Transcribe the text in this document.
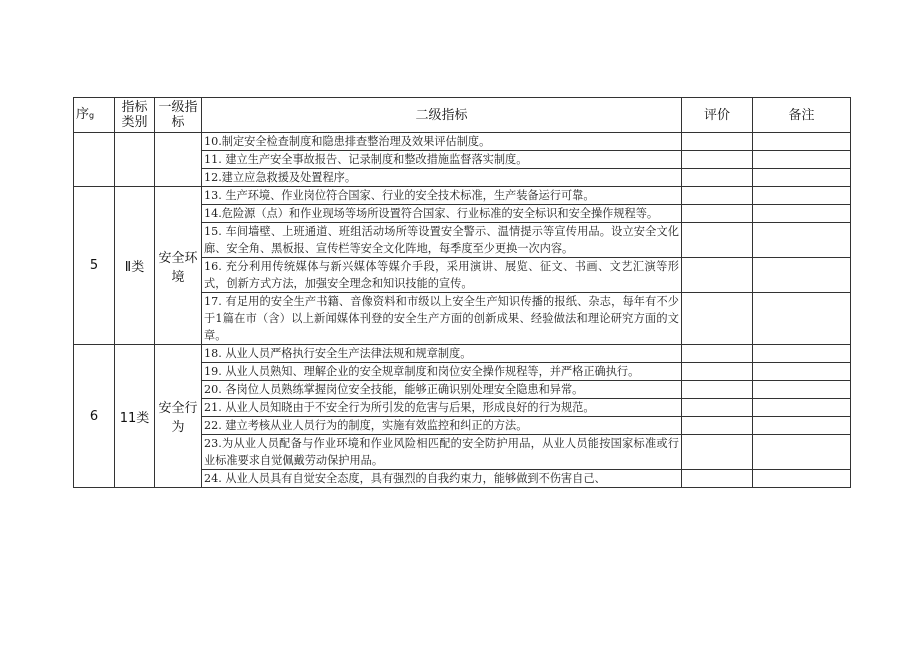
序g	指标类别	一级指标	二级指标	评价	备注
			10.制定安全检查制度和隐患排查整治理及效果评估制度。		
			11. 建立生产安全事故报告、记录制度和整改措施监督落实制度。		
			12.建立应急救援及处置程序。		
5	Ⅱ类	安全环境	13. 生产环境、作业岗位符合国家、行业的安全技术标准，生产装备运行可靠。		
			14.危险源（点）和作业现场等场所设置符合国家、行业标准的安全标识和安全操作规程等。		
			15. 车间墙壁、上班通道、班组活动场所等设置安全警示、温情提示等宣传用品。设立安全文化廊、安全角、黑板报、宣传栏等安全文化阵地，每季度至少更换一次内容。		
			16. 充分利用传统媒体与新兴媒体等媒介手段，采用演讲、展览、征文、书画、文艺汇演等形式，创新方式方法，加强安全理念和知识技能的宣传。		
			17. 有足用的安全生产书籍、音像资料和市级以上安全生产知识传播的报纸、杂志，每年有不少于1篇在市（含）以上新闻媒体刊登的安全生产方面的创新成果、经验做法和理论研究方面的文章。		
6	11类	安全行为	18. 从业人员严格执行安全生产法律法规和规章制度。		
			19. 从业人员熟知、理解企业的安全规章制度和岗位安全操作规程等，并严格正确执行。		
			20. 各岗位人员熟练掌握岗位安全技能，能够正确识别处理安全隐患和异常。		
			21. 从业人员知晓由于不安全行为所引发的危害与后果，形成良好的行为规范。		
			22. 建立考核从业人员行为的制度，实施有效监控和纠正的方法。		
			23.为从业人员配备与作业环境和作业风险相匹配的安全防护用品，从业人员能按国家标准或行业标准要求自觉佩戴劳动保护用品。		
			24. 从业人员具有自觉安全态度，具有强烈的自我约束力，能够做到不伤害自己、		
